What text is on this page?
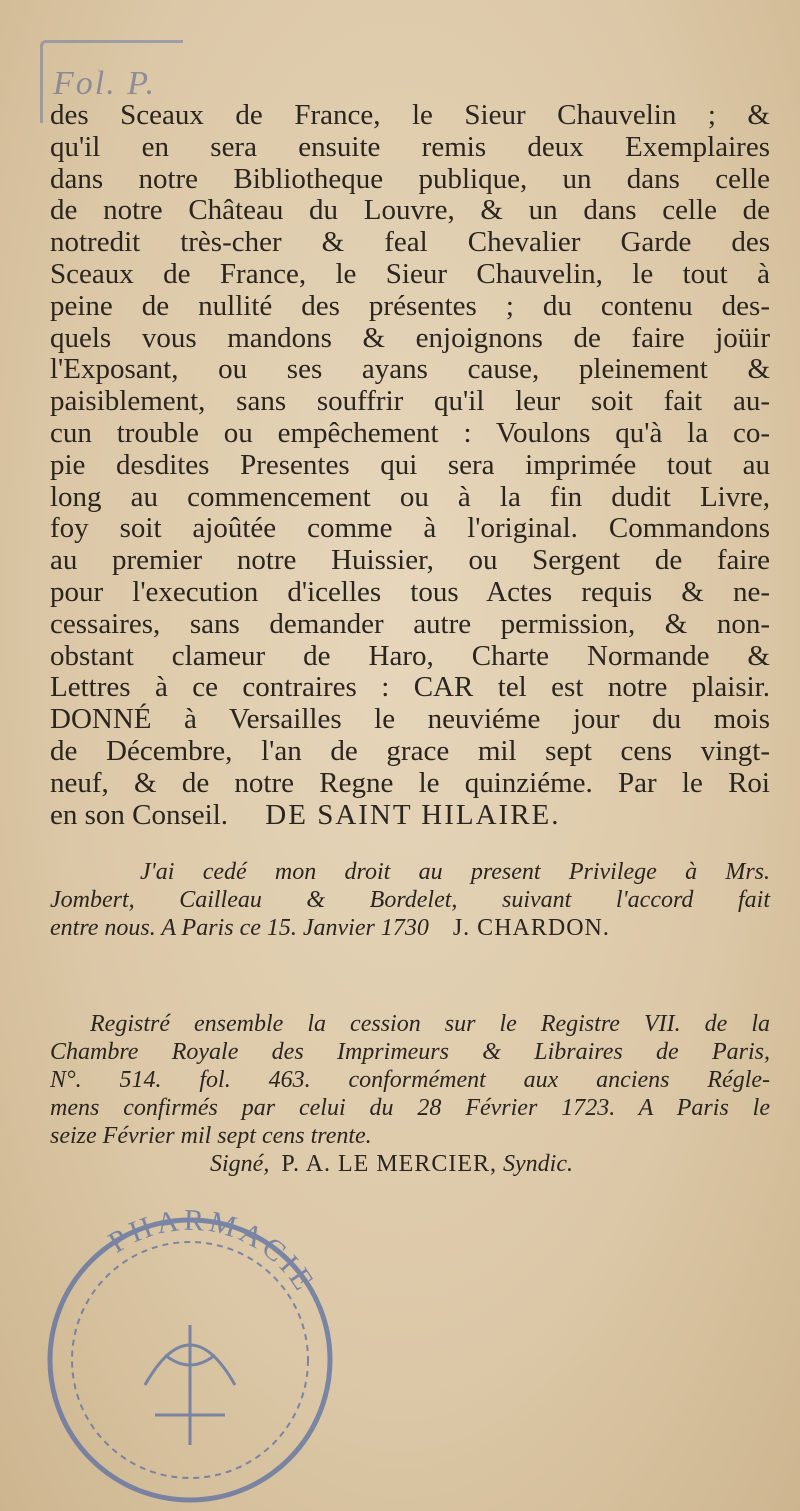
Fol. P.
des Sceaux de France, le Sieur Chauvelin ; &
qu'il en sera ensuite remis deux Exemplaires
dans notre Bibliotheque publique, un dans celle
de notre Château du Louvre, & un dans celle de
notredit très-cher & feal Chevalier Garde des
Sceaux de France, le Sieur Chauvelin, le tout à
peine de nullité des présentes ; du contenu des-
quels vous mandons & enjoignons de faire joüir
l'Exposant, ou ses ayans cause, pleinement &
paisiblement, sans souffrir qu'il leur soit fait au-
cun trouble ou empêchement : Voulons qu'à la co-
pie desdites Presentes qui sera imprimée tout au
long au commencement ou à la fin dudit Livre,
foy soit ajoûtée comme à l'original. Commandons
au premier notre Huissier, ou Sergent de faire
pour l'execution d'icelles tous Actes requis & ne-
cessaires, sans demander autre permission, & non-
obstant clameur de Haro, Charte Normande &
Lettres à ce contraires : CAR tel est notre plaisir.
DONNÉ à Versailles le neuviéme jour du mois
de Décembre, l'an de grace mil sept cens vingt-
neuf, & de notre Regne le quinziéme. Par le Roi
en son Conseil. DE SAINT HILAIRE.
J'ai cedé mon droit au present Privilege à Mrs.
Jombert, Cailleau & Bordelet, suivant l'accord fait
entre nous. A Paris ce 15. Janvier 1730 J. CHARDON.
Registré ensemble la cession sur le Registre VII. de la
Chambre Royale des Imprimeurs & Libraires de Paris,
N°. 514. fol. 463. conformément aux anciens Régle-
mens confirmés par celui du 28 Février 1723. A Paris le
seize Février mil sept cens trente.
Signé, P. A. LE MERCIER, Syndic.
PHARMACIE
